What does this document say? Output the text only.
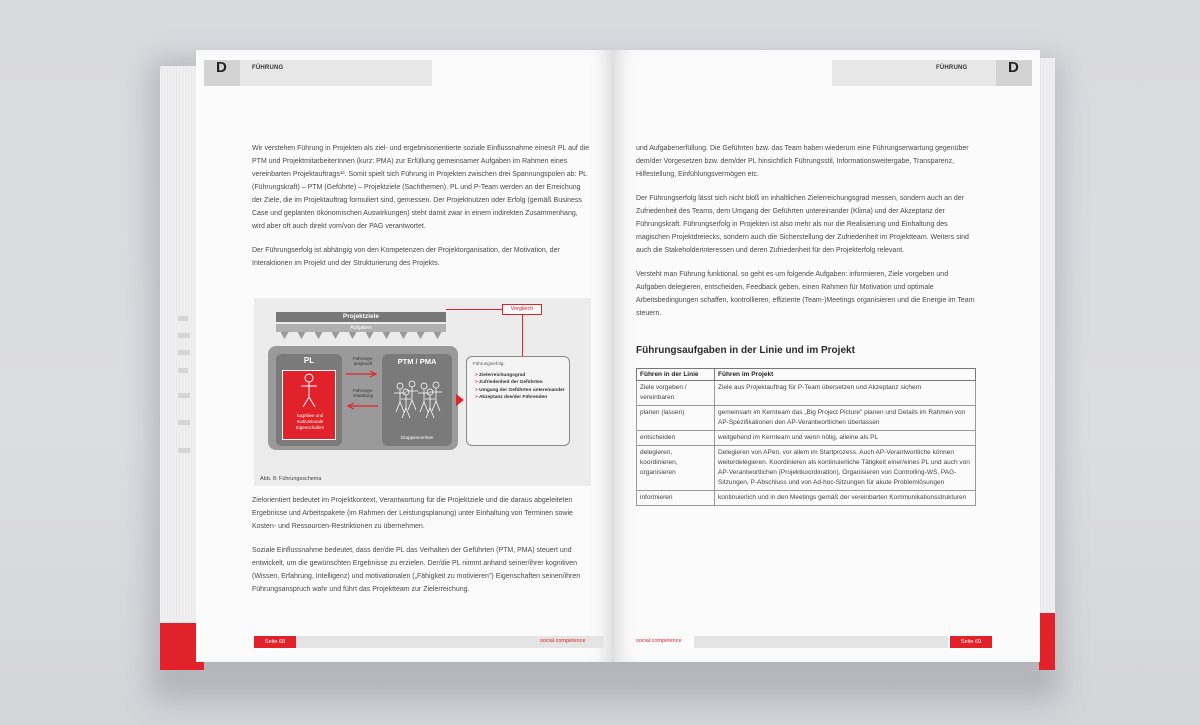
D	FÜHRUNG

Wir verstehen Führung in Projekten als ziel- und ergebnisorientierte soziale Einflussnahme eines/r PL auf die PTM und ProjektmitarbeiterInnen (kurz: PMA) zur Erfüllung gemeinsamer Aufgaben im Rahmen eines vereinbarten Projektauftrags¹³. Somit spielt sich Führung in Projekten zwischen drei Spannungspolen ab: PL (Führungskraft) – PTM (Geführte) – Projektziele (Sachthemen). PL und P-Team werden an der Erreichung der Ziele, die im Projektauftrag formuliert sind, gemessen. Der Projektnutzen oder Erfolg (gemäß Business Case und geplanten ökonomischen Auswirkungen) steht damit zwar in einem indirekten Zusammenhang, wird aber oft auch direkt vom/von der PAG verantwortet.

Der Führungserfolg ist abhängig von den Kompetenzen der Projektorganisation, der Motivation, der Interaktionen im Projekt und der Strukturierung des Projekts.

Vergleich
Projektziele
Aufgaben
PL
kognitive und motivationale Eigenschaften
Führungs-anspruch
Führungs-erwartung
PTM / PMA
Gruppennormen
Führungserfolg:
> Zielerreichungsgrad
> Zufriedenheit der Geführten
> Umgang der Geführten untereinander
> Akzeptanz des/der Führenden
Abb. 8: Führungsschema

Zielorientiert bedeutet im Projektkontext, Verantwortung für die Projektziele und die daraus abgeleiteten Ergebnisse und Arbeitspakete (im Rahmen der Leistungsplanung) unter Einhaltung von Terminen sowie Kosten- und Ressourcen-Restriktionen zu übernehmen.

Soziale Einflussnahme bedeutet, dass der/die PL das Verhalten der Geführten (PTM, PMA) steuert und entwickelt, um die gewünschten Ergebnisse zu erzielen. Der/die PL nimmt anhand seiner/ihrer kognitiven (Wissen, Erfahrung, Intelligenz) und motivationalen („Fähigkeit zu motivieren") Eigenschaften seinen/ihren Führungsanspruch wahr und führt das Projektteam zur Zielerreichung.

Seite 68	social competence
FÜHRUNG	D

und Aufgabenerfüllung. Die Geführten bzw. das Team haben wiederum eine Führungserwartung gegenüber dem/der Vorgesetzen bzw. dem/der PL hinsichtlich Führungsstil, Informationsweitergabe, Transparenz, Hilfestellung, Einfühlungsvermögen etc.

Der Führungserfolg lässt sich nicht bloß im inhaltlichen Zielerreichungsgrad messen, sondern auch an der Zufriedenheit des Teams, dem Umgang der Geführten untereinander (Klima) und der Akzeptanz der Führungskraft. Führungserfolg in Projekten ist also mehr als nur die Realisierung und Einhaltung des magischen Projektdreiecks, sondern auch die Sicherstellung der Zufriedenheit im Projektteam. Weiters sind auch die Stakeholderinteressen und deren Zufriedenheit für den Projekterfolg relevant.

Versteht man Führung funktional, so geht es um folgende Aufgaben: informieren, Ziele vorgeben und Aufgaben delegieren, entscheiden, Feedback geben, einen Rahmen für Motivation und optimale Arbeitsbedingungen schaffen, kontrollieren, effiziente (Team-)Meetings organisieren und die Energie im Team steuern.

Führungsaufgaben in der Linie und im Projekt
Führen in der Linie	Führen im Projekt
Ziele vorgeben / vereinbaren	Ziele aus Projektauftrag für P-Team übersetzen und Akzeptanz sichern
planen (lassen)	gemeinsam im Kernteam das „Big Project Picture" planen und Details im Rahmen von AP-Spezifikationen den AP-Verantwortlichen überlassen
entscheiden	weitgehend im Kernteam und wenn nötig, alleine als PL
delegieren, koordinieren, organisieren	Delegieren von APen, vor allem im Startprozess. Auch AP-Verantwortliche können weiterdelegieren. Koordinieren als kontinuierliche Tätigkeit einer/eines PL und auch von AP-Verantwortlichen (Projektkoordination), Organisieren von Controlling-WS, PAG-Sitzungen, P-Abschluss und von Ad-hoc-Sitzungen für akute Problemlösungen
informieren	kontinuierlich und in den Meetings gemäß der vereinbarten Kommunikationsstrukturen
social competence	Seite 69
